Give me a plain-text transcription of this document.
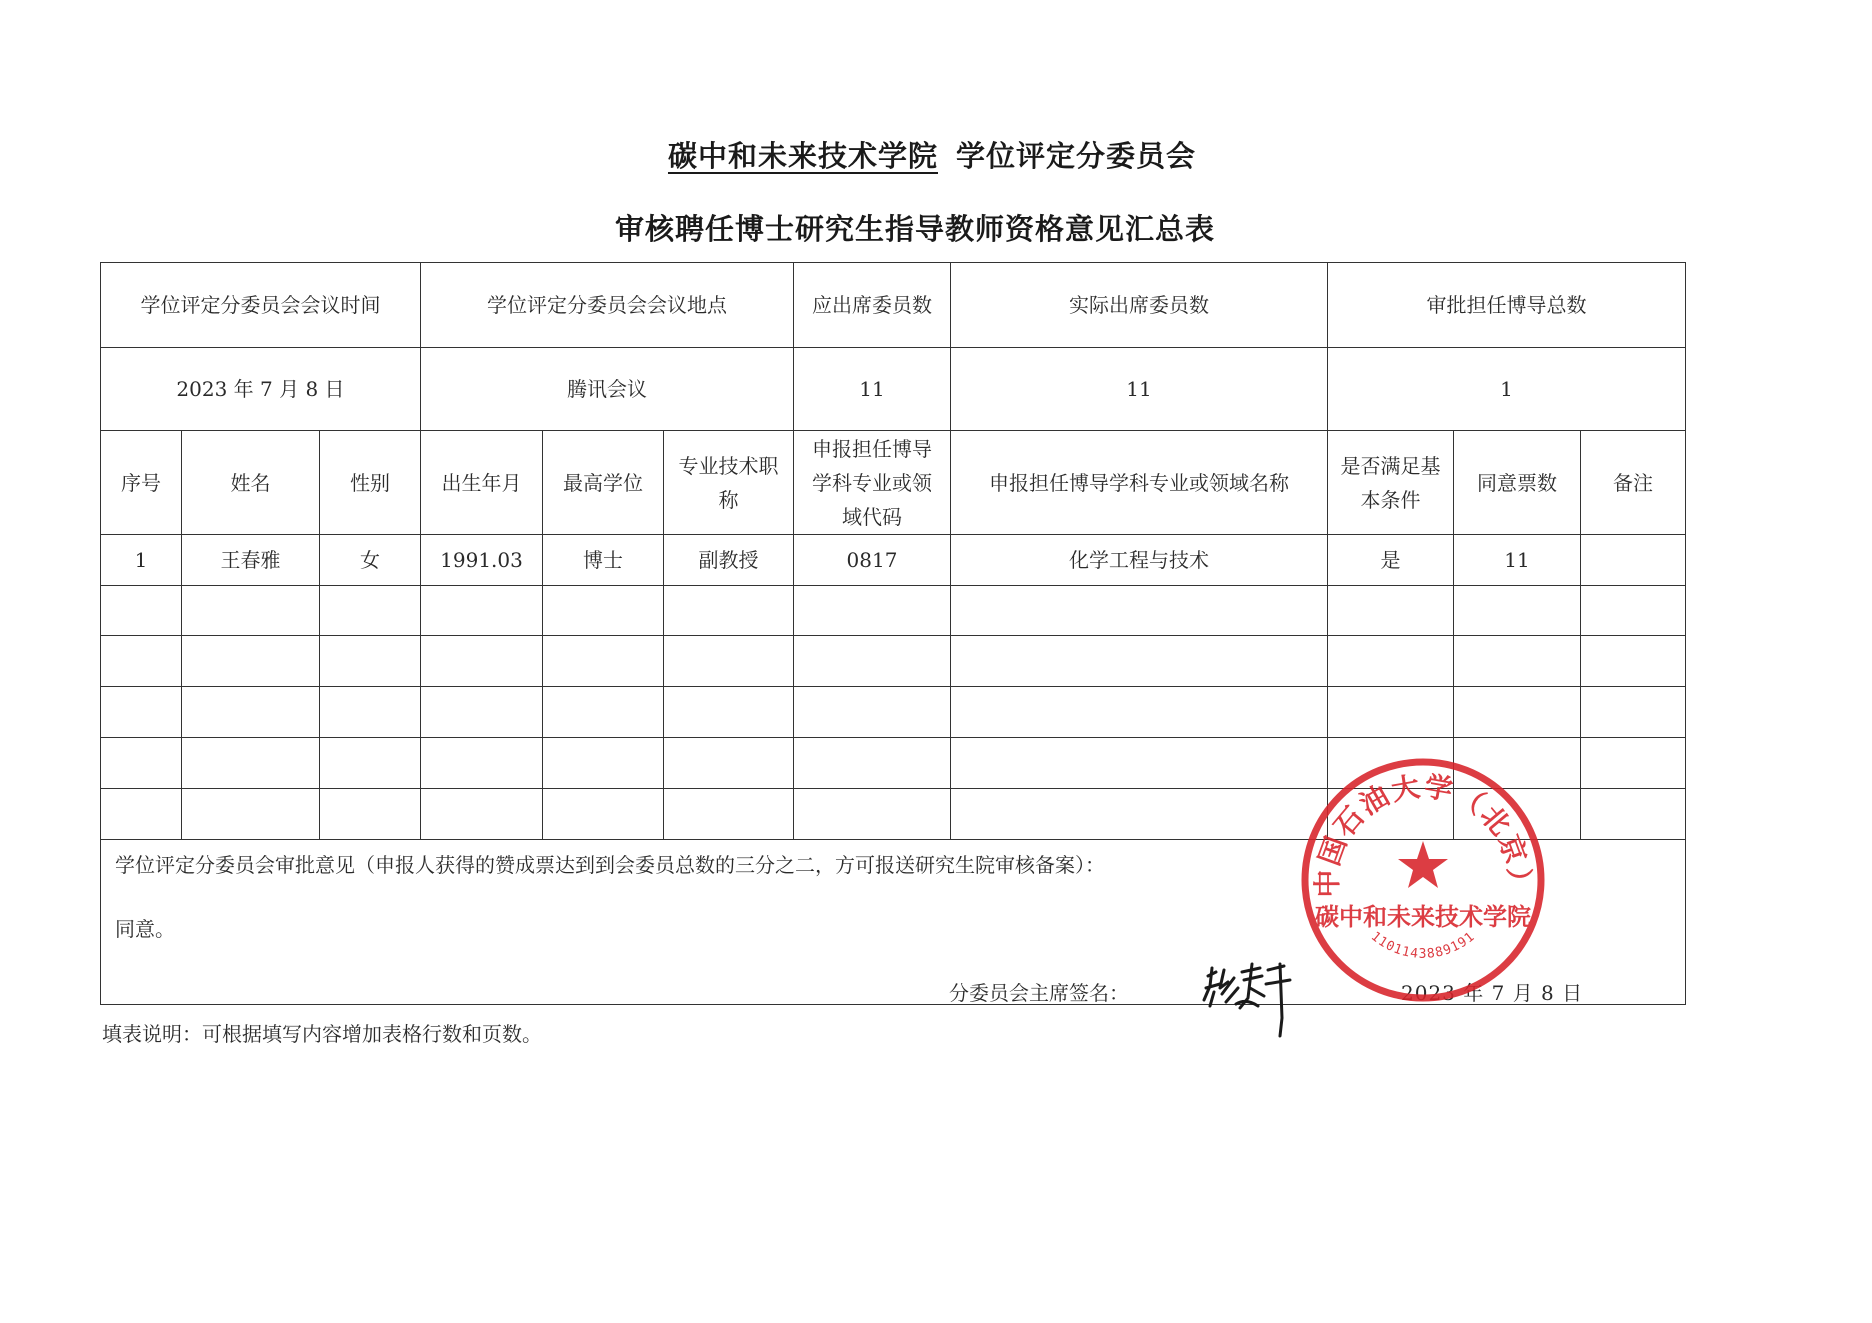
碳中和未来技术学院 学位评定分委员会
审核聘任博士研究生指导教师资格意见汇总表
学位评定分委员会会议时间			学位评定分委员会会议地点			应出席委员数	实际出席委员数	审批担任博导总数		
2023 年 7 月 8 日			腾讯会议			11	11	1		
序号	姓名	性别	出生年月	最高学位	专业技术职称	申报担任博导学科专业或领域代码	申报担任博导学科专业或领域名称	是否满足基本条件	同意票数	备注
1	王春雅	女	1991.03	博士	副教授	0817	化学工程与技术	是	11	

学位评定分委员会审批意见（申报人获得的赞成票达到到会委员总数的三分之二，方可报送研究生院审核备案）：
同意。
分委员会主席签名： 2023 年 7 月 8 日										
中国石油大学（北京）
碳中和未来技术学院
1101143889191
填表说明：可根据填写内容增加表格行数和页数。
